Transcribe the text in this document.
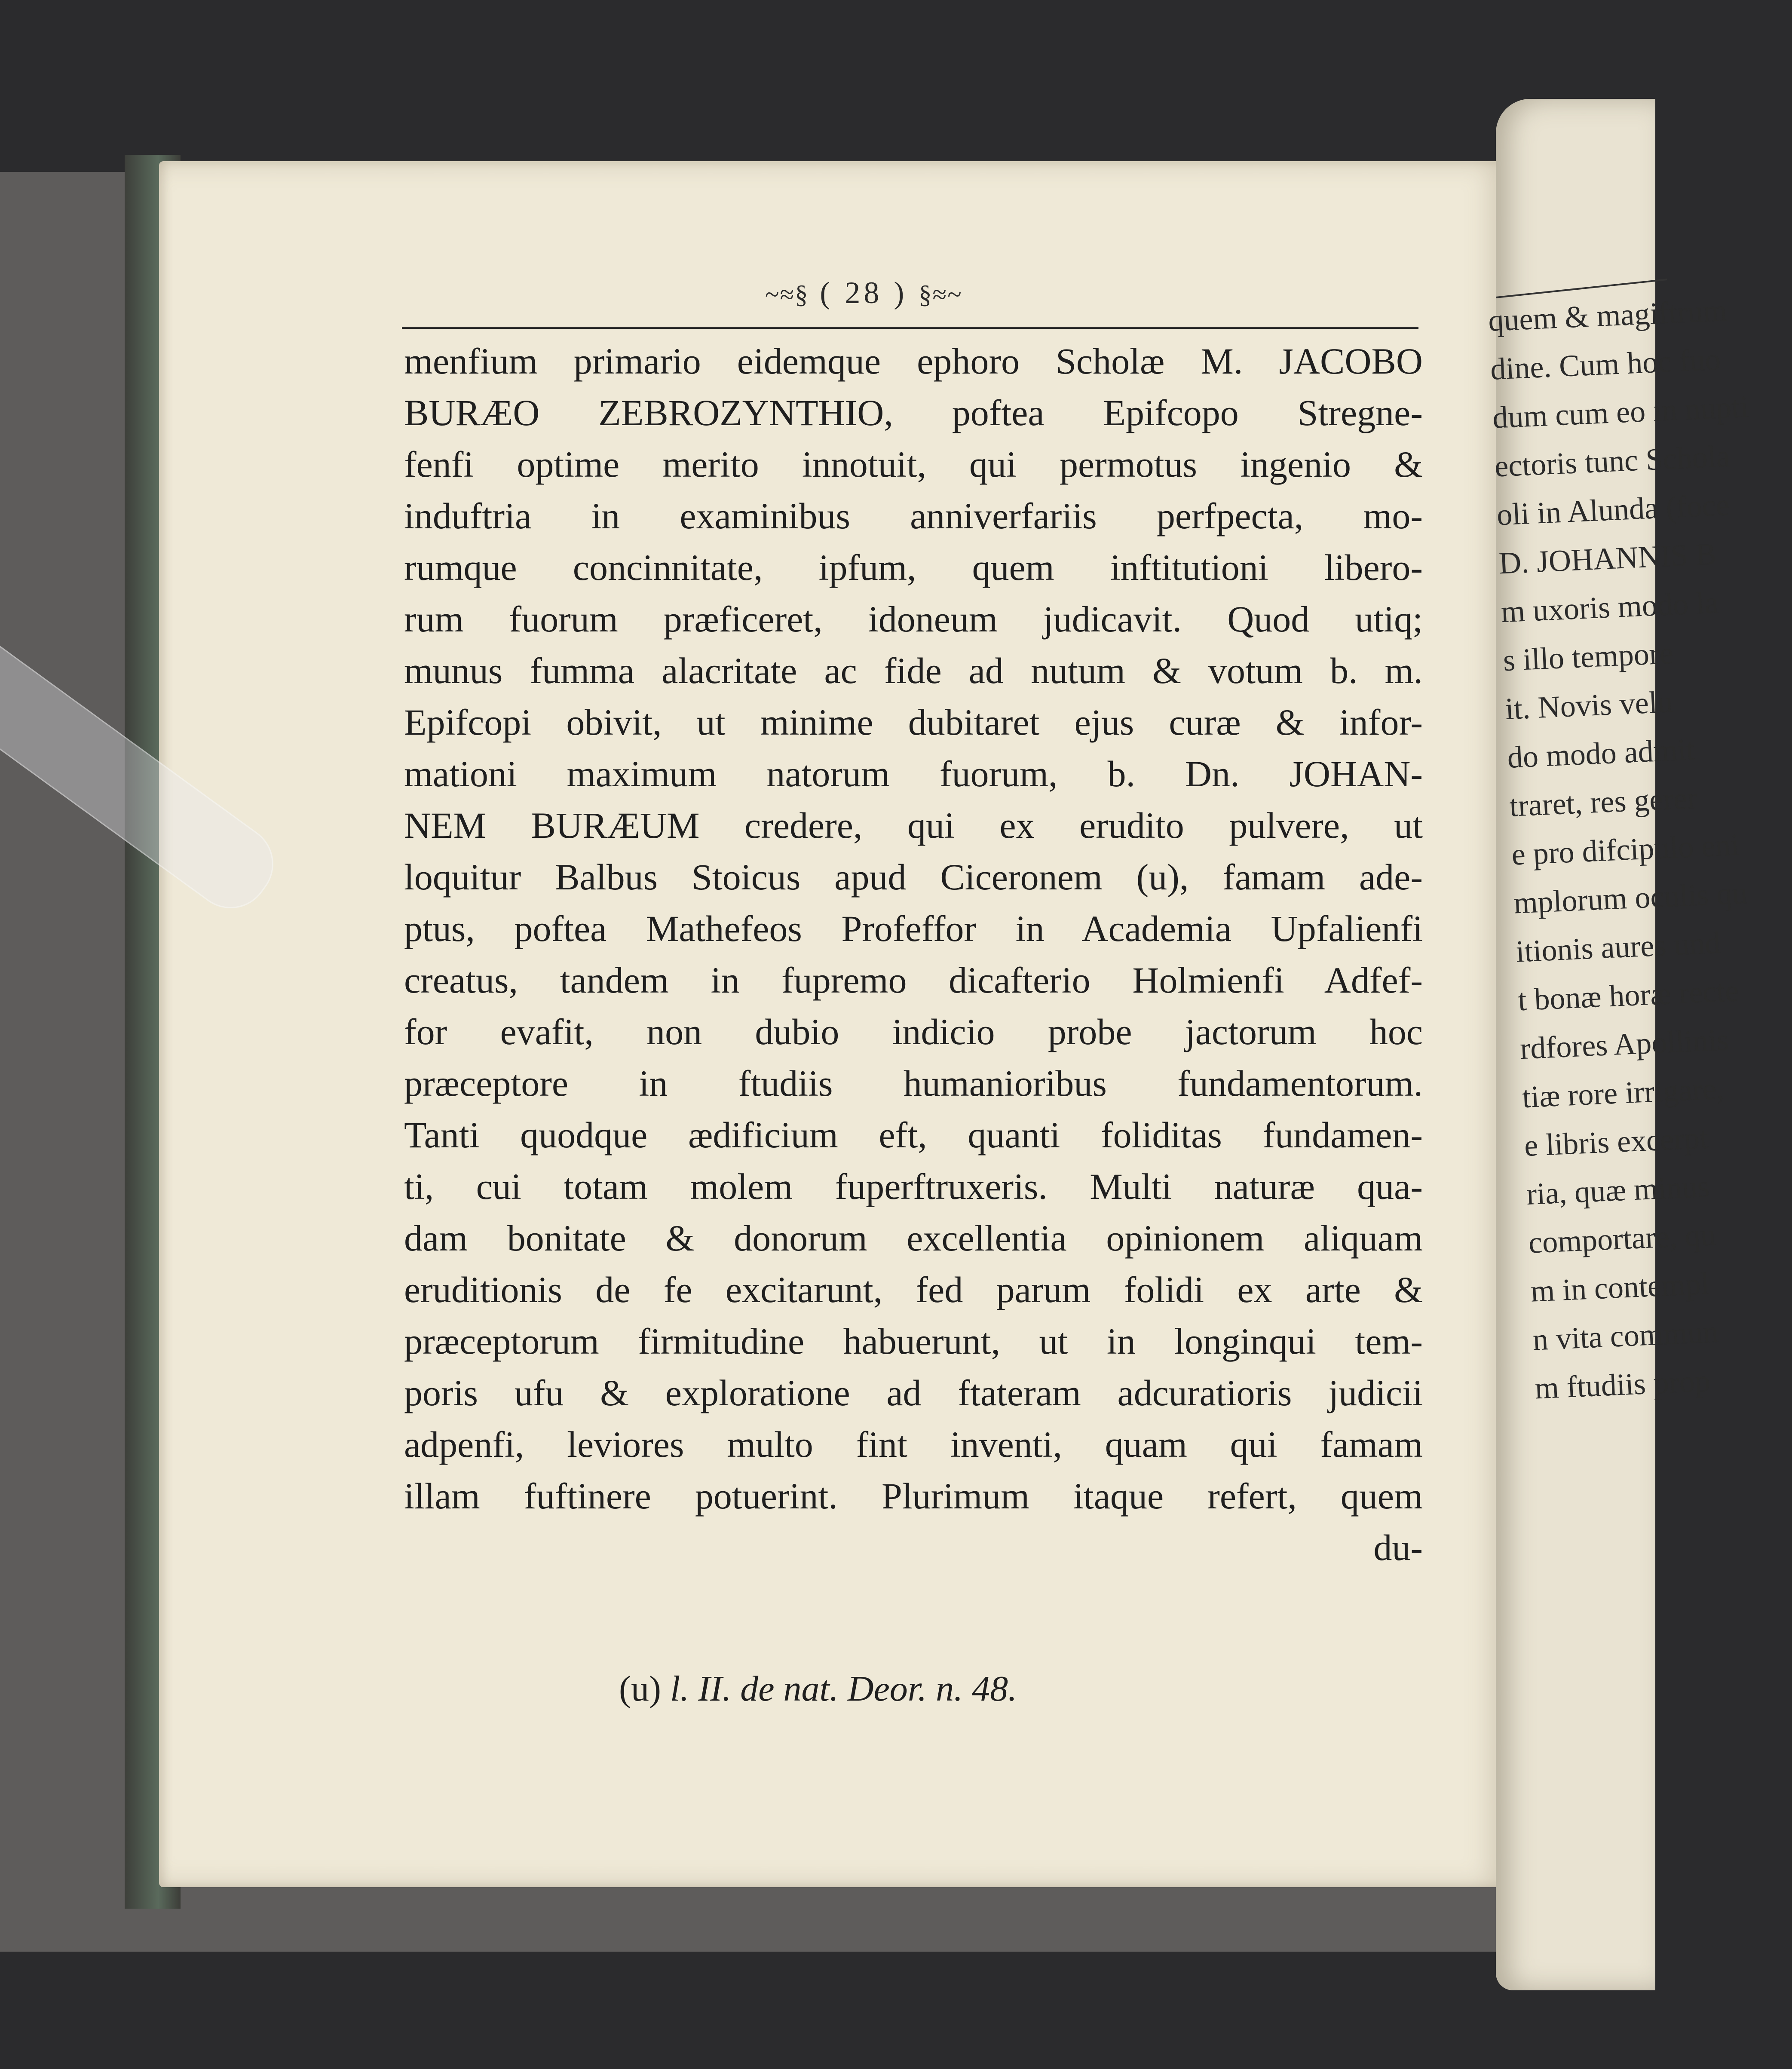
~≈§ ( 28 ) §≈~
menfium primario eidemque ephoro Scholæ M. JACOBO
BURÆO ZEBROZYNTHIO, poftea Epifcopo Stregne-
fenfi optime merito innotuit, qui permotus ingenio &
induftria in examinibus anniverfariis perfpecta, mo-
rumque concinnitate, ipfum, quem inftitutioni libero-
rum fuorum præficeret, idoneum judicavit. Quod utiq;
munus fumma alacritate ac fide ad nutum & votum b. m.
Epifcopi obivit, ut minime dubitaret ejus curæ & infor-
mationi maximum natorum fuorum, b. Dn. JOHAN-
NEM BURÆUM credere, qui ex erudito pulvere, ut
loquitur Balbus Stoicus apud Ciceronem (u), famam ade-
ptus, poftea Mathefeos Profeffor in Academia Upfalienfi
creatus, tandem in fupremo dicafterio Holmienfi Adfef-
for evafit, non dubio indicio probe jactorum hoc
præceptore in ftudiis humanioribus fundamentorum.
Tanti quodque ædificium eft, quanti foliditas fundamen-
ti, cui totam molem fuperftruxeris. Multi naturæ qua-
dam bonitate & donorum excellentia opinionem aliquam
eruditionis de fe excitarunt, fed parum folidi ex arte &
præceptorum firmitudine habuerunt, ut in longinqui tem-
poris ufu & exploratione ad ftateram adcuratioris judicii
adpenfi, leviores multo fint inventi, quam qui famam
illam fuftinere potuerint. Plurimum itaque refert, quem
du-
(u) l. II. de nat. Deor. n. 48.
quem & magiftrum
dine. Cum hoc fuo
dum cum eo in nupti
ectoris tunc Schola
oli in Alunda (foce
D. JOHANNIS B
m uxoris modo la
s illo tempore
it. Novis velu
do modo admit
traret, res gerer
e pro difcipulo eni
mplorum oculis qu
itionis aures und
t bonæ horæ recte
rdfores Apollinis
tiæ rore irrigare,
e libris excerpt
ria, quæ minus
comportare, qu
m in contempl
n vita commun
m ftudiis prop
